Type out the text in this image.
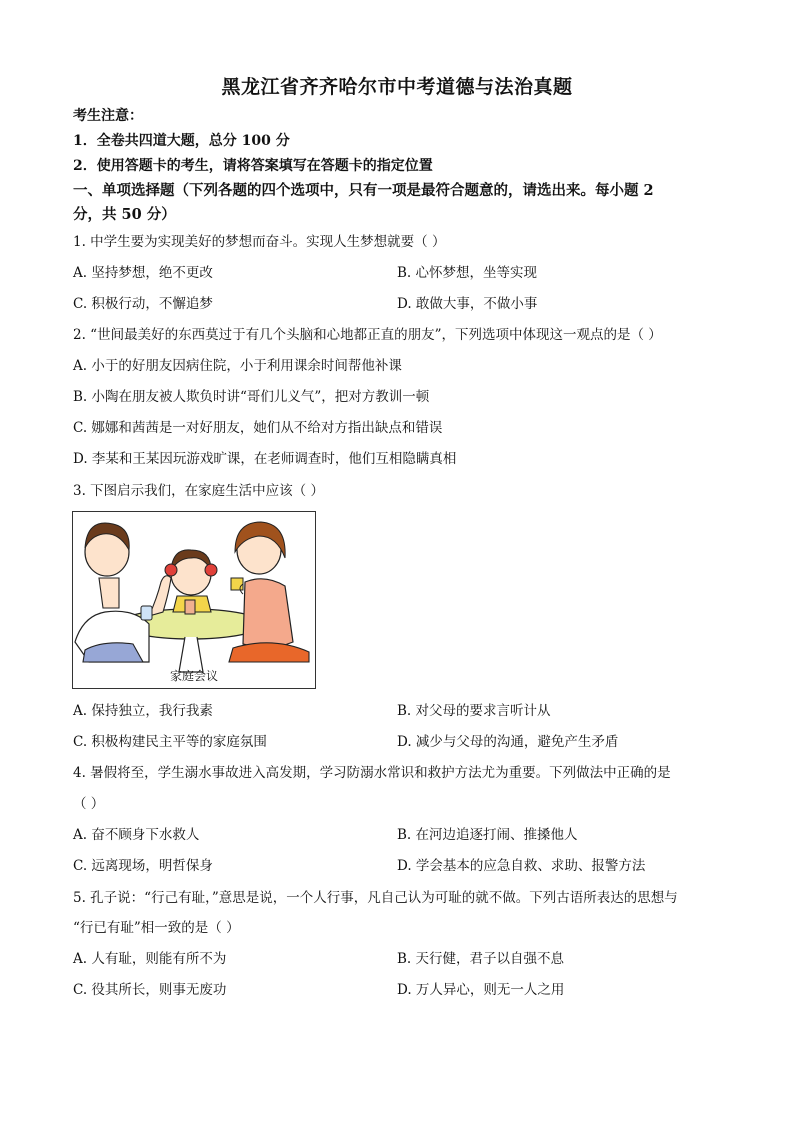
黑龙江省齐齐哈尔市中考道德与法治真题
考生注意：
1．全卷共四道大题，总分 100 分
2．使用答题卡的考生，请将答案填写在答题卡的指定位置
一、单项选择题（下列各题的四个选项中，只有一项是最符合题意的，请选出来。每小题 2
分，共 50 分）
1. 中学生要为实现美好的梦想而奋斗。实现人生梦想就要（ ）
A. 坚持梦想，绝不更改	B. 心怀梦想，坐等实现
C. 积极行动，不懈追梦	D. 敢做大事，不做小事
2. “世间最美好的东西莫过于有几个头脑和心地都正直的朋友”，下列选项中体现这一观点的是（ ）
A. 小于的好朋友因病住院，小于利用课余时间帮他补课
B. 小陶在朋友被人欺负时讲“哥们儿义气”，把对方教训一顿
C. 娜娜和茜茜是一对好朋友，她们从不给对方指出缺点和错误
D. 李某和王某因玩游戏旷课，在老师调查时，他们互相隐瞒真相
3. 下图启示我们，在家庭生活中应该（ ）
家庭会议
A. 保持独立，我行我素	B. 对父母的要求言听计从
C. 积极构建民主平等的家庭氛围	D. 减少与父母的沟通，避免产生矛盾
4. 暑假将至，学生溺水事故进入高发期，学习防溺水常识和救护方法尤为重要。下列做法中正确的是
（ ）
A. 奋不顾身下水救人	B. 在河边追逐打闹、推搡他人
C. 远离现场，明哲保身	D. 学会基本的应急自救、求助、报警方法
5. 孔子说：“行己有耻，”意思是说，一个人行事，凡自己认为可耻的就不做。下列古语所表达的思想与
“行已有耻”相一致的是（ ）
A. 人有耻，则能有所不为	B. 天行健，君子以自强不息
C. 役其所长，则事无废功	D. 万人异心，则无一人之用
